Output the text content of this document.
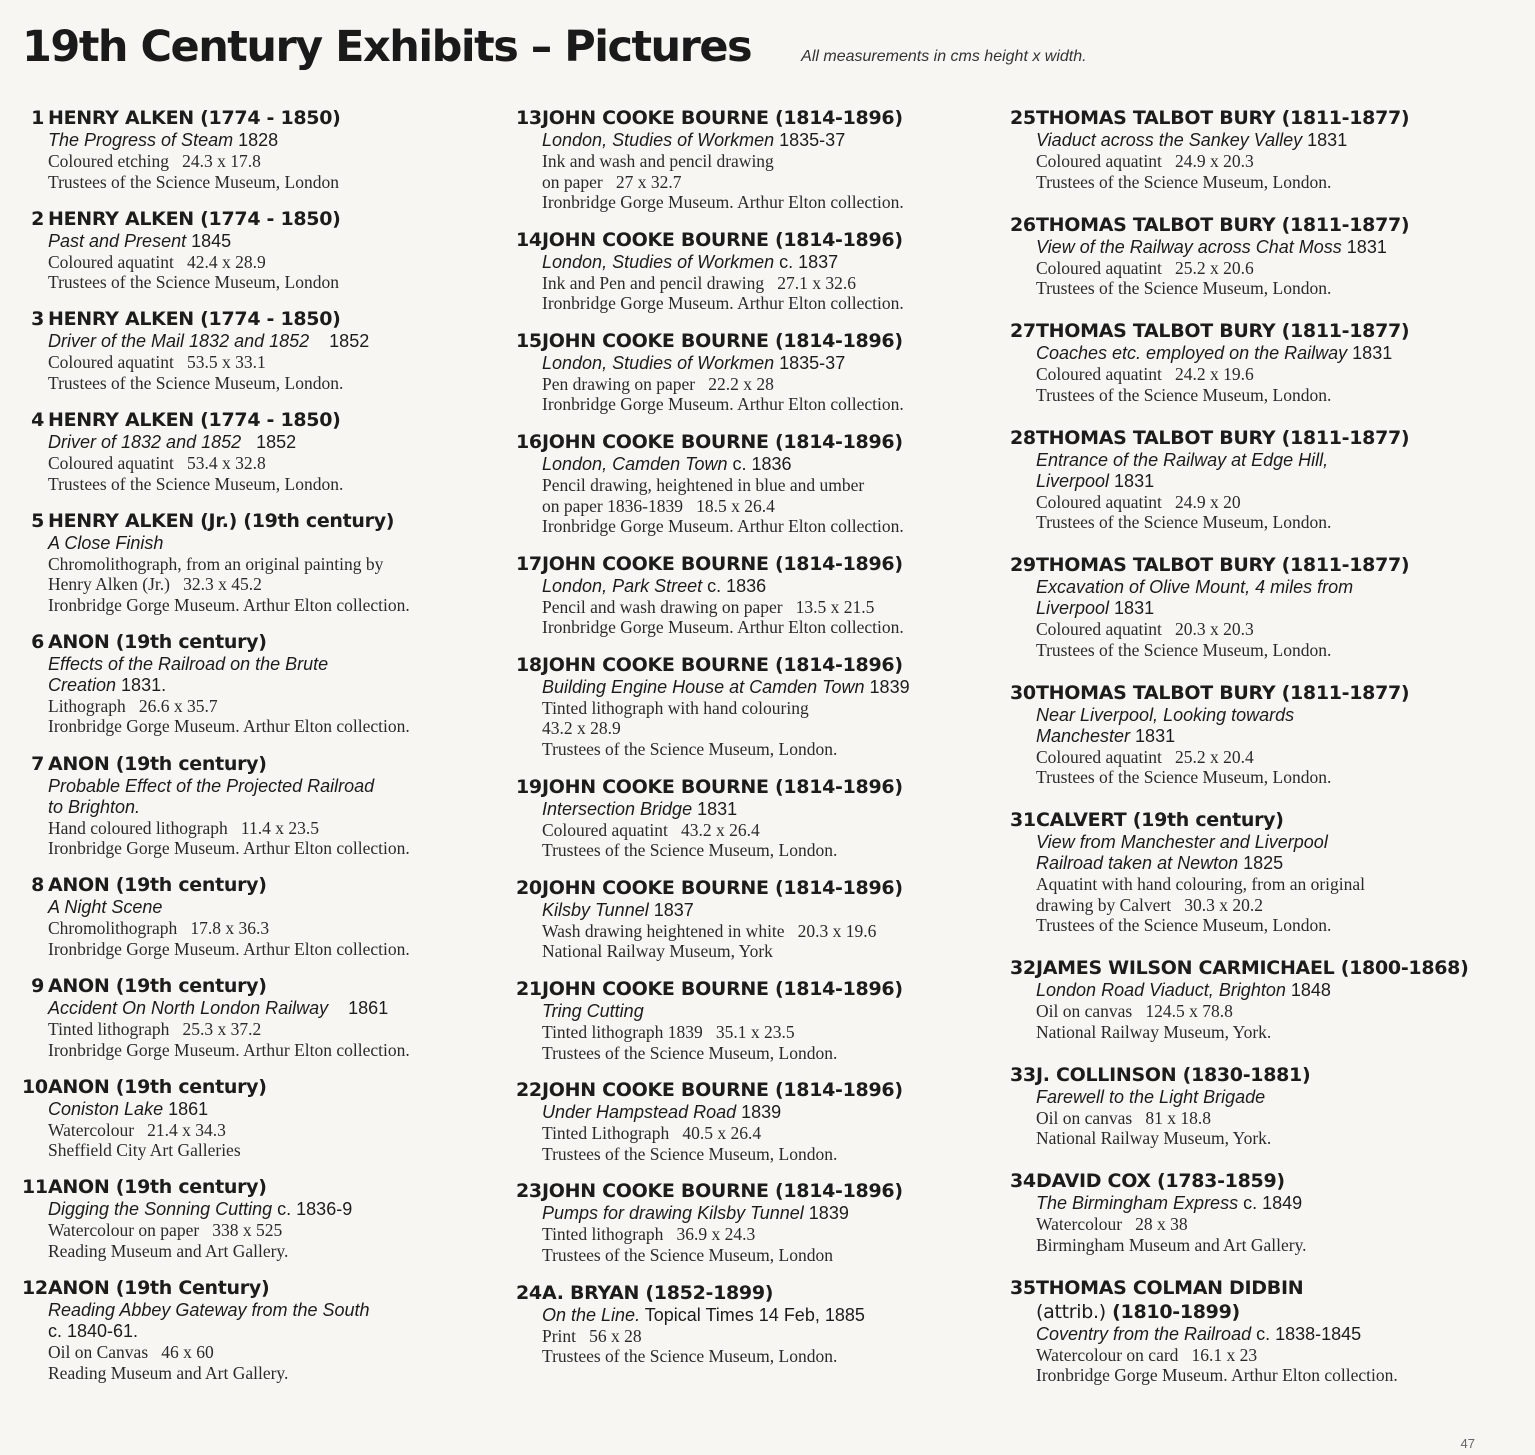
19th Century Exhibits – Pictures	All measurements in cms height x width.
1 HENRY ALKEN (1774 - 1850)
The Progress of Steam 1828
Coloured etching   24.3 x 17.8
Trustees of the Science Museum, London
2 HENRY ALKEN (1774 - 1850)
Past and Present 1845
Coloured aquatint   42.4 x 28.9
Trustees of the Science Museum, London
3 HENRY ALKEN (1774 - 1850)
Driver of the Mail 1832 and 1852    1852
Coloured aquatint   53.5 x 33.1
Trustees of the Science Museum, London.
4 HENRY ALKEN (1774 - 1850)
Driver of 1832 and 1852   1852
Coloured aquatint   53.4 x 32.8
Trustees of the Science Museum, London.
5 HENRY ALKEN (Jr.) (19th century)
A Close Finish
Chromolithograph, from an original painting by
Henry Alken (Jr.)   32.3 x 45.2
Ironbridge Gorge Museum. Arthur Elton collection.
6 ANON (19th century)
Effects of the Railroad on the Brute
Creation 1831.
Lithograph   26.6 x 35.7
Ironbridge Gorge Museum. Arthur Elton collection.
7 ANON (19th century)
Probable Effect of the Projected Railroad
to Brighton.
Hand coloured lithograph   11.4 x 23.5
Ironbridge Gorge Museum. Arthur Elton collection.
8 ANON (19th century)
A Night Scene
Chromolithograph   17.8 x 36.3
Ironbridge Gorge Museum. Arthur Elton collection.
9 ANON (19th century)
Accident On North London Railway    1861
Tinted lithograph   25.3 x 37.2
Ironbridge Gorge Museum. Arthur Elton collection.
10 ANON (19th century)
Coniston Lake 1861
Watercolour   21.4 x 34.3
Sheffield City Art Galleries
11 ANON (19th century)
Digging the Sonning Cutting c. 1836-9
Watercolour on paper   338 x 525
Reading Museum and Art Gallery.
12 ANON (19th Century)
Reading Abbey Gateway from the South
c. 1840-61.
Oil on Canvas   46 x 60
Reading Museum and Art Gallery.
13 JOHN COOKE BOURNE (1814-1896)
London, Studies of Workmen 1835-37
Ink and wash and pencil drawing
on paper   27 x 32.7
Ironbridge Gorge Museum. Arthur Elton collection.
14 JOHN COOKE BOURNE (1814-1896)
London, Studies of Workmen c. 1837
Ink and Pen and pencil drawing   27.1 x 32.6
Ironbridge Gorge Museum. Arthur Elton collection.
15 JOHN COOKE BOURNE (1814-1896)
London, Studies of Workmen 1835-37
Pen drawing on paper   22.2 x 28
Ironbridge Gorge Museum. Arthur Elton collection.
16 JOHN COOKE BOURNE (1814-1896)
London, Camden Town c. 1836
Pencil drawing, heightened in blue and umber
on paper 1836-1839   18.5 x 26.4
Ironbridge Gorge Museum. Arthur Elton collection.
17 JOHN COOKE BOURNE (1814-1896)
London, Park Street c. 1836
Pencil and wash drawing on paper   13.5 x 21.5
Ironbridge Gorge Museum. Arthur Elton collection.
18 JOHN COOKE BOURNE (1814-1896)
Building Engine House at Camden Town 1839
Tinted lithograph with hand colouring
43.2 x 28.9
Trustees of the Science Museum, London.
19 JOHN COOKE BOURNE (1814-1896)
Intersection Bridge 1831
Coloured aquatint   43.2 x 26.4
Trustees of the Science Museum, London.
20 JOHN COOKE BOURNE (1814-1896)
Kilsby Tunnel 1837
Wash drawing heightened in white   20.3 x 19.6
National Railway Museum, York
21 JOHN COOKE BOURNE (1814-1896)
Tring Cutting
Tinted lithograph 1839   35.1 x 23.5
Trustees of the Science Museum, London.
22 JOHN COOKE BOURNE (1814-1896)
Under Hampstead Road 1839
Tinted Lithograph   40.5 x 26.4
Trustees of the Science Museum, London.
23 JOHN COOKE BOURNE (1814-1896)
Pumps for drawing Kilsby Tunnel 1839
Tinted lithograph   36.9 x 24.3
Trustees of the Science Museum, London
24 A. BRYAN (1852-1899)
On the Line. Topical Times 14 Feb, 1885
Print   56 x 28
Trustees of the Science Museum, London.
25 THOMAS TALBOT BURY (1811-1877)
Viaduct across the Sankey Valley 1831
Coloured aquatint   24.9 x 20.3
Trustees of the Science Museum, London.
26 THOMAS TALBOT BURY (1811-1877)
View of the Railway across Chat Moss 1831
Coloured aquatint   25.2 x 20.6
Trustees of the Science Museum, London.
27 THOMAS TALBOT BURY (1811-1877)
Coaches etc. employed on the Railway 1831
Coloured aquatint   24.2 x 19.6
Trustees of the Science Museum, London.
28 THOMAS TALBOT BURY (1811-1877)
Entrance of the Railway at Edge Hill,
Liverpool 1831
Coloured aquatint   24.9 x 20
Trustees of the Science Museum, London.
29 THOMAS TALBOT BURY (1811-1877)
Excavation of Olive Mount, 4 miles from
Liverpool 1831
Coloured aquatint   20.3 x 20.3
Trustees of the Science Museum, London.
30 THOMAS TALBOT BURY (1811-1877)
Near Liverpool, Looking towards
Manchester 1831
Coloured aquatint   25.2 x 20.4
Trustees of the Science Museum, London.
31 CALVERT (19th century)
View from Manchester and Liverpool
Railroad taken at Newton 1825
Aquatint with hand colouring, from an original
drawing by Calvert   30.3 x 20.2
Trustees of the Science Museum, London.
32 JAMES WILSON CARMICHAEL (1800-1868)
London Road Viaduct, Brighton 1848
Oil on canvas   124.5 x 78.8
National Railway Museum, York.
33 J. COLLINSON (1830-1881)
Farewell to the Light Brigade
Oil on canvas   81 x 18.8
National Railway Museum, York.
34 DAVID COX (1783-1859)
The Birmingham Express c. 1849
Watercolour   28 x 38
Birmingham Museum and Art Gallery.
35 THOMAS COLMAN DIDBIN
(attrib.) (1810-1899)
Coventry from the Railroad c. 1838-1845
Watercolour on card   16.1 x 23
Ironbridge Gorge Museum. Arthur Elton collection.
47
